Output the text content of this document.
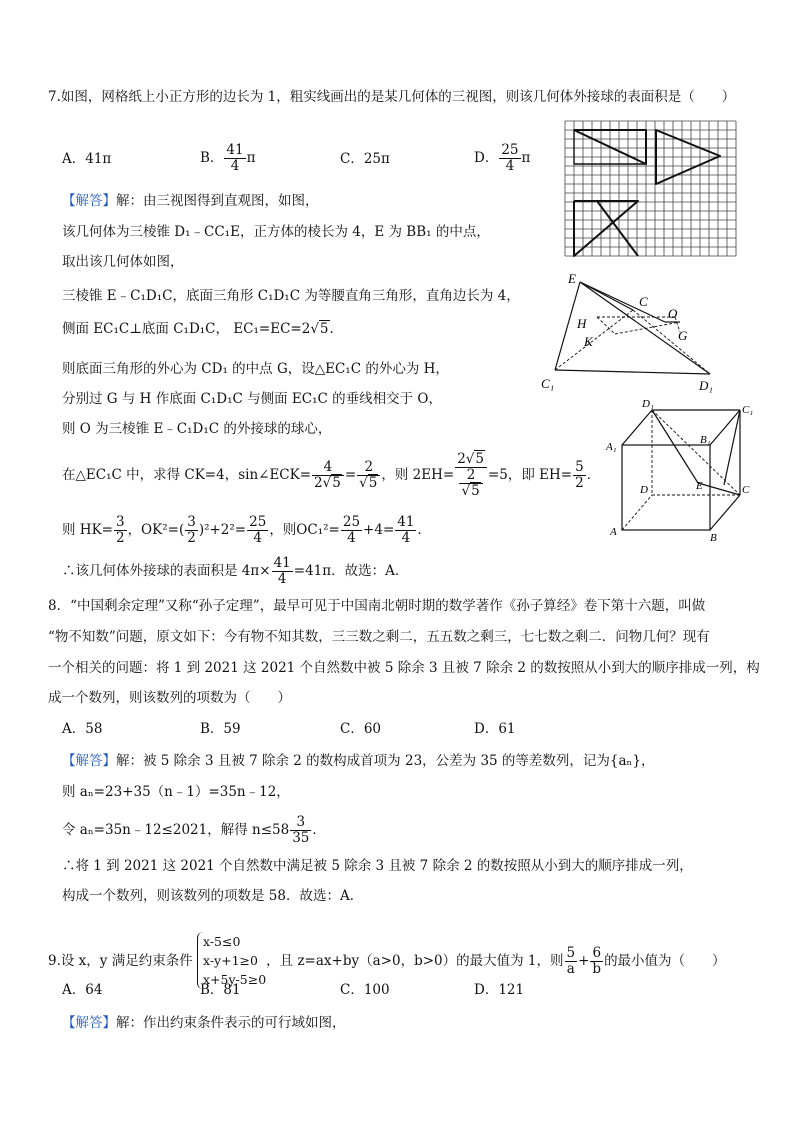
7.如图，网格纸上小正方形的边长为 1，粗实线画出的是某几何体的三视图，则该几何体外接球的表面积是（　　）
A．41π	B． $\frac{41}{4}$ π	C．25π	D． $\frac{25}{4}$ π
【解答】解：由三视图得到直观图，如图，
该几何体为三棱锥 D₁﹣CC₁E，正方体的棱长为 4，E 为 BB₁ 的中点，
取出该几何体如图，
三棱锥 E﹣C₁D₁C，底面三角形 C₁D₁C 为等腰直角三角形，直角边长为 4，
侧面 EC₁C⊥底面 C₁D₁C， EC₁=EC=2√5．
则底面三角形的外心为 CD₁ 的中点 G，设△EC₁C 的外心为 H，
分别过 G 与 H 作底面 C₁D₁C 与侧面 EC₁C 的垂线相交于 O，
则 O 为三棱锥 E﹣C₁D₁C 的外接球的球心，
在△EC₁C 中，求得 CK=4，sin∠ECK= $\frac{4}{2√5} = \frac{2}{√5}$ ，则 $2EH= \frac{2√5}{\frac{2}{√5}} =5$，即 $EH= \frac{5}{2}$ ．
则 $HK= \frac{3}{2}$ ，$OK^2=( \frac{3}{2} )^2+2^2= \frac{25}{4}$ ，则$OC_1^2= \frac{25}{4} +4= \frac{41}{4}$ ．
∴该几何体外接球的表面积是 $4\pi\times \frac{41}{4} =41\pi$．故选：A．
E
C
O
H
G
K
C₁	D₁
D₁	C₁
A₁
B₁
D	E	C
A	B
8．“中国剩余定理”又称“孙子定理”，最早可见于中国南北朝时期的数学著作《孙子算经》卷下第十六题，叫做
“物不知数”问题，原文如下：今有物不知其数，三三数之剩二，五五数之剩三，七七数之剩二．问物几何？现有
一个相关的问题：将 1 到 2021 这 2021 个自然数中被 5 除余 3 且被 7 除余 2 的数按照从小到大的顺序排成一列，构
成一个数列，则该数列的项数为（　　）
A．58	B．59	C．60	D．61
【解答】解：被 5 除余 3 且被 7 除余 2 的数构成首项为 23，公差为 35 的等差数列，记为{aₙ}，
则 aₙ=23+35（n﹣1）=35n﹣12，
令 aₙ=35n﹣12≤2021，解得 $n\le 58 \frac{3}{35}$ ．
∴将 1 到 2021 这 2021 个自然数中满足被 5 除余 3 且被 7 除余 2 的数按照从小到大的顺序排成一列，
构成一个数列，则该数列的项数是 58．故选：A．
9.设 x，y 满足约束条件
x-5≤0
x-y+1≥0
x+5y-5≥0
，且 z=ax+by（a>0，b>0）的最大值为 1，则 $\frac{5}{a} + \frac{6}{b}$ 的最小值为（　　）
A．64	B．81	C．100	D．121
【解答】解：作出约束条件表示的可行域如图，
